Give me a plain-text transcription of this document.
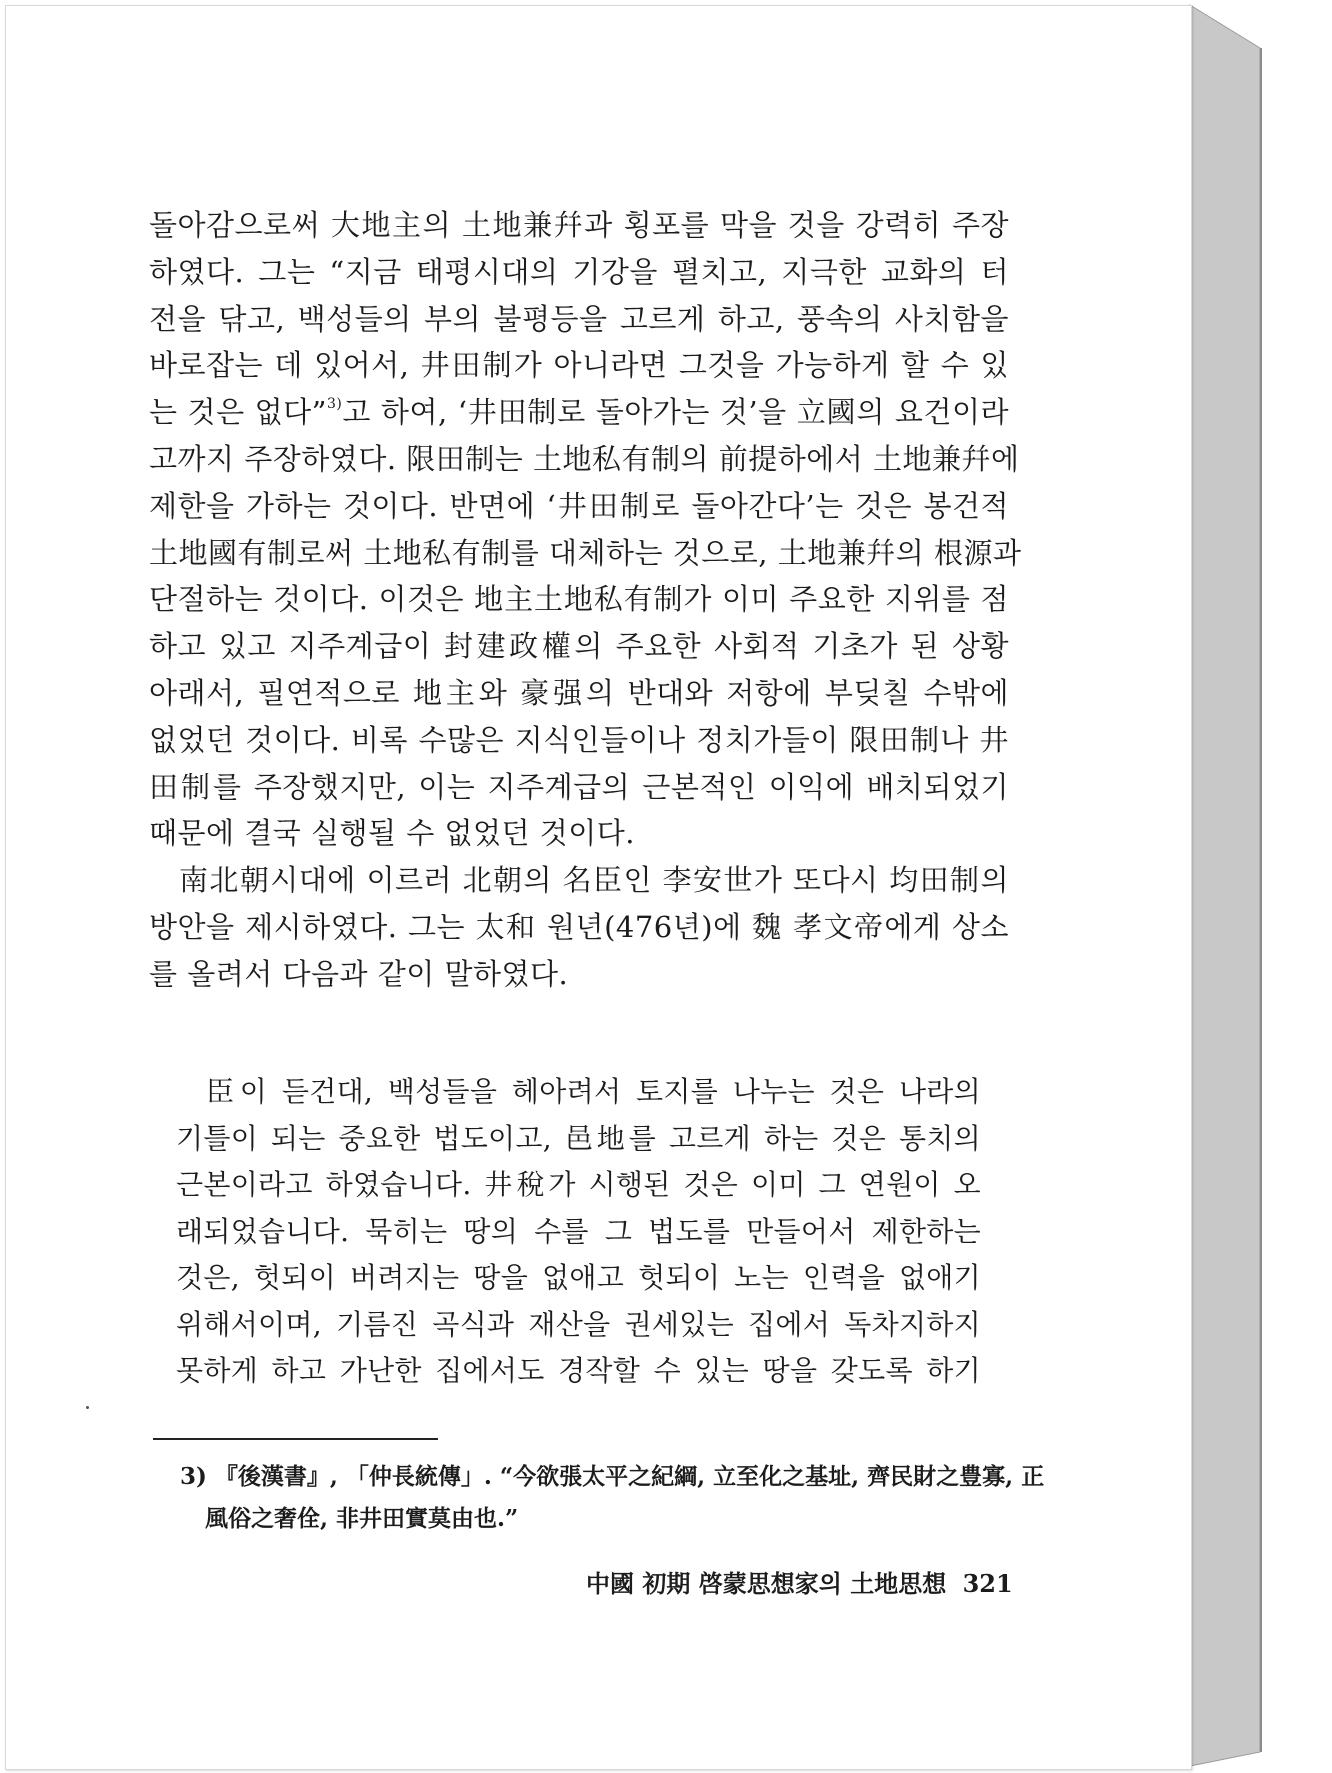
돌아감으로써 大地主의 土地兼幷과 횡포를 막을 것을 강력히 주장
하였다. 그는 “지금 태평시대의 기강을 펼치고, 지극한 교화의 터
전을 닦고, 백성들의 부의 불평등을 고르게 하고, 풍속의 사치함을
바로잡는 데 있어서, 井田制가 아니라면 그것을 가능하게 할 수 있
는 것은 없다”$^{3)}$고 하여, ‘井田制로 돌아가는 것’을 立國의 요건이라
고까지 주장하였다. 限田制는 土地私有制의 前提하에서 土地兼幷에
제한을 가하는 것이다. 반면에 ‘井田制로 돌아간다’는 것은 봉건적
土地國有制로써 土地私有制를 대체하는 것으로, 土地兼幷의 根源과
단절하는 것이다. 이것은 地主土地私有制가 이미 주요한 지위를 점
하고 있고 지주계급이 封建政權의 주요한 사회적 기초가 된 상황
아래서, 필연적으로 地主와 豪强의 반대와 저항에 부딪칠 수밖에
없었던 것이다. 비록 수많은 지식인들이나 정치가들이 限田制나 井
田制를 주장했지만, 이는 지주계급의 근본적인 이익에 배치되었기
때문에 결국 실행될 수 없었던 것이다.

南北朝시대에 이르러 北朝의 名臣인 李安世가 또다시 均田制의
방안을 제시하였다. 그는 太和 원년(476년)에 魏 孝文帝에게 상소
를 올려서 다음과 같이 말하였다.

臣이 듣건대, 백성들을 헤아려서 토지를 나누는 것은 나라의
기틀이 되는 중요한 법도이고, 邑地를 고르게 하는 것은 통치의
근본이라고 하였습니다. 井稅가 시행된 것은 이미 그 연원이 오
래되었습니다. 묵히는 땅의 수를 그 법도를 만들어서 제한하는
것은, 헛되이 버려지는 땅을 없애고 헛되이 노는 인력을 없애기
위해서이며, 기름진 곡식과 재산을 권세있는 집에서 독차지하지
못하게 하고 가난한 집에서도 경작할 수 있는 땅을 갖도록 하기
3) 『後漢書』, 「仲長統傳」. “今欲張太平之紀綱, 立至化之基址, 齊民財之豊寡, 正
風俗之奢佺, 非井田實莫由也.”
中國 初期 啓蒙思想家의 土地思想 321
